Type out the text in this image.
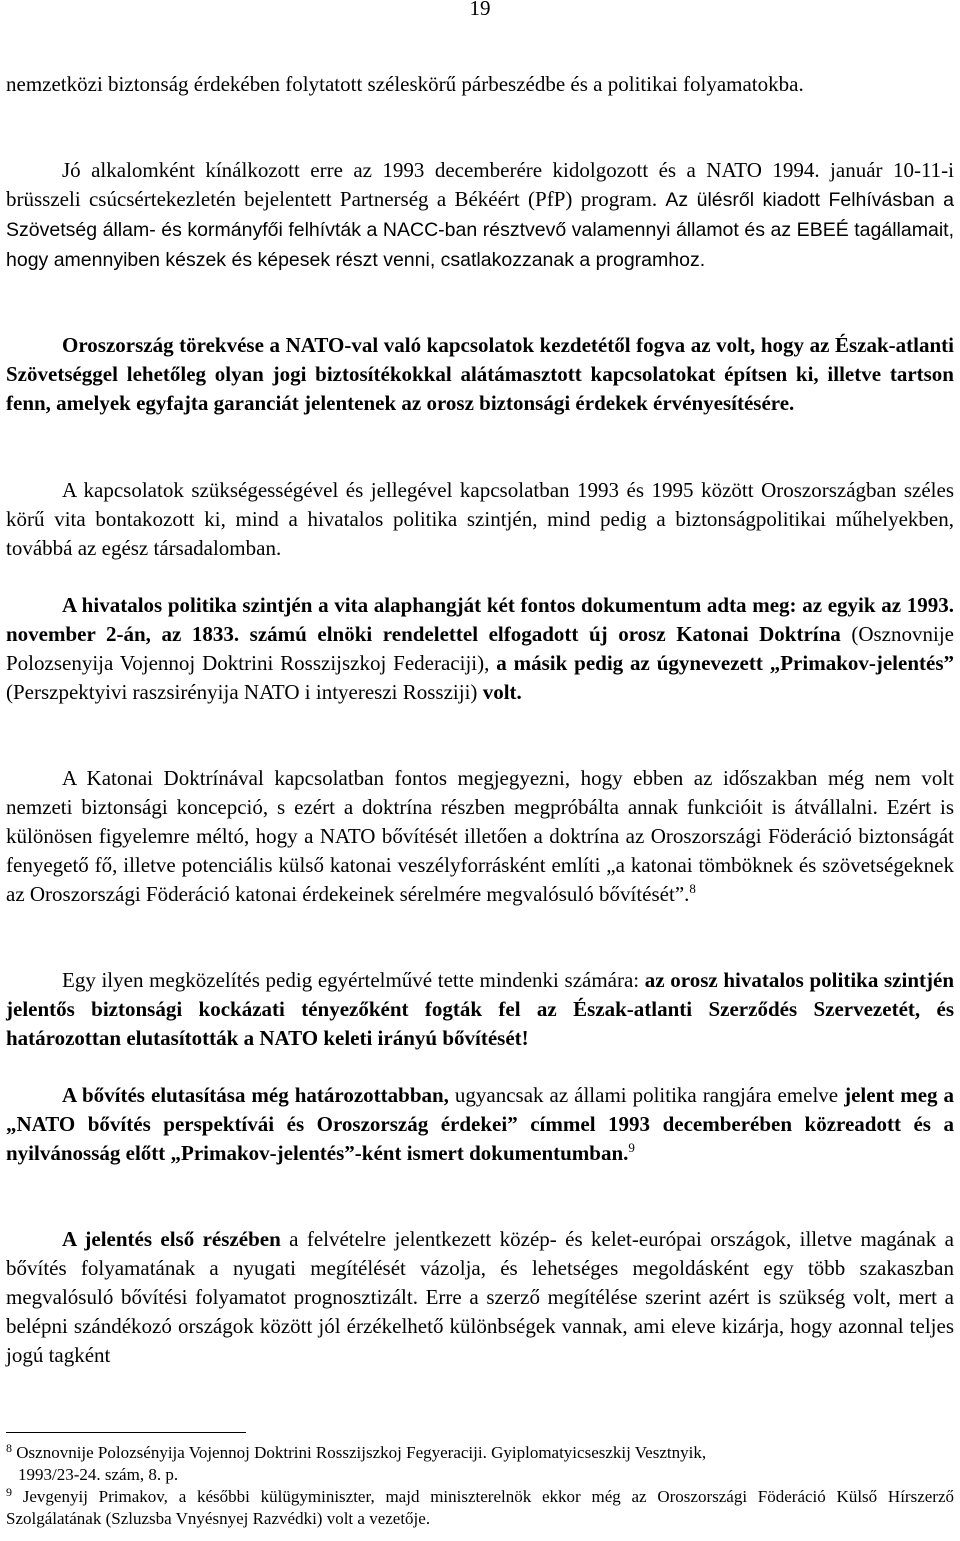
19

nemzetközi biztonság érdekében folytatott széleskörű párbeszédbe és a politikai folyamatokba.

Jó alkalomként kínálkozott erre az 1993 decemberére kidolgozott és a NATO 1994. január 10-11-i brüsszeli csúcsértekezletén bejelentett Partnerség a Békéért (PfP) program. Az ülésről kiadott Felhívásban a Szövetség állam- és kormányfői felhívták a NACC-ban résztvevő valamennyi államot és az EBEÉ tagállamait, hogy amennyiben készek és képesek részt venni, csatlakozzanak a programhoz.

Oroszország törekvése a NATO-val való kapcsolatok kezdetétől fogva az volt, hogy az Észak-atlanti Szövetséggel lehetőleg olyan jogi biztosítékokkal alátámasztott kapcsolatokat építsen ki, illetve tartson fenn, amelyek egyfajta garanciát jelentenek az orosz biztonsági érdekek érvényesítésére.

A kapcsolatok szükségességével és jellegével kapcsolatban 1993 és 1995 között Oroszországban széles körű vita bontakozott ki, mind a hivatalos politika szintjén, mind pedig a biztonságpolitikai műhelyekben, továbbá az egész társadalomban.

A hivatalos politika szintjén a vita alaphangját két fontos dokumentum adta meg: az egyik az 1993. november 2-án, az 1833. számú elnöki rendelettel elfogadott új orosz Katonai Doktrína (Osznovnije Polozsenyija Vojennoj Doktrini Rosszijszkoj Federaciji), a másik pedig az úgynevezett „Primakov-jelentés” (Perszpektyivi raszsirényija NATO i intyereszi Rossziji) volt.

A Katonai Doktrínával kapcsolatban fontos megjegyezni, hogy ebben az időszakban még nem volt nemzeti biztonsági koncepció, s ezért a doktrína részben megpróbálta annak funkcióit is átvállalni. Ezért is különösen figyelemre méltó, hogy a NATO bővítését illetően a doktrína az Oroszországi Föderáció biztonságát fenyegető fő, illetve potenciális külső katonai veszélyforrásként említi „a katonai tömböknek és szövetségeknek az Oroszországi Föderáció katonai érdekeinek sérelmére megvalósuló bővítését”.$^8$

Egy ilyen megközelítés pedig egyértelművé tette mindenki számára: az orosz hivatalos politika szintjén jelentős biztonsági kockázati tényezőként fogták fel az Észak-atlanti Szerződés Szervezetét, és határozottan elutasították a NATO keleti irányú bővítését!

A bővítés elutasítása még határozottabban, ugyancsak az állami politika rangjára emelve jelent meg a „NATO bővítés perspektívái és Oroszország érdekei” címmel 1993 decemberében közreadott és a nyilvánosság előtt „Primakov-jelentés”-ként ismert dokumentumban.$^9$

A jelentés első részében a felvételre jelentkezett közép- és kelet-európai országok, illetve magának a bővítés folyamatának a nyugati megítélését vázolja, és lehetséges megoldásként egy több szakaszban megvalósuló bővítési folyamatot prognosztizált. Erre a szerző megítélése szerint azért is szükség volt, mert a belépni szándékozó országok között jól érzékelhető különbségek vannak, ami eleve kizárja, hogy azonnal teljes jogú tagként

$^8$ Osznovnije Polozsényija Vojennoj Doktrini Rosszijszkoj Fegyeraciji. Gyiplomatyicseszkij Vesztnyik,
1993/23-24. szám, 8. p.

$^9$ Jevgenyij Primakov, a későbbi külügyminiszter, majd miniszterelnök ekkor még az Oroszországi Föderáció Külső Hírszerző Szolgálatának (Szluzsba Vnyésnyej Razvédki) volt a vezetője.
